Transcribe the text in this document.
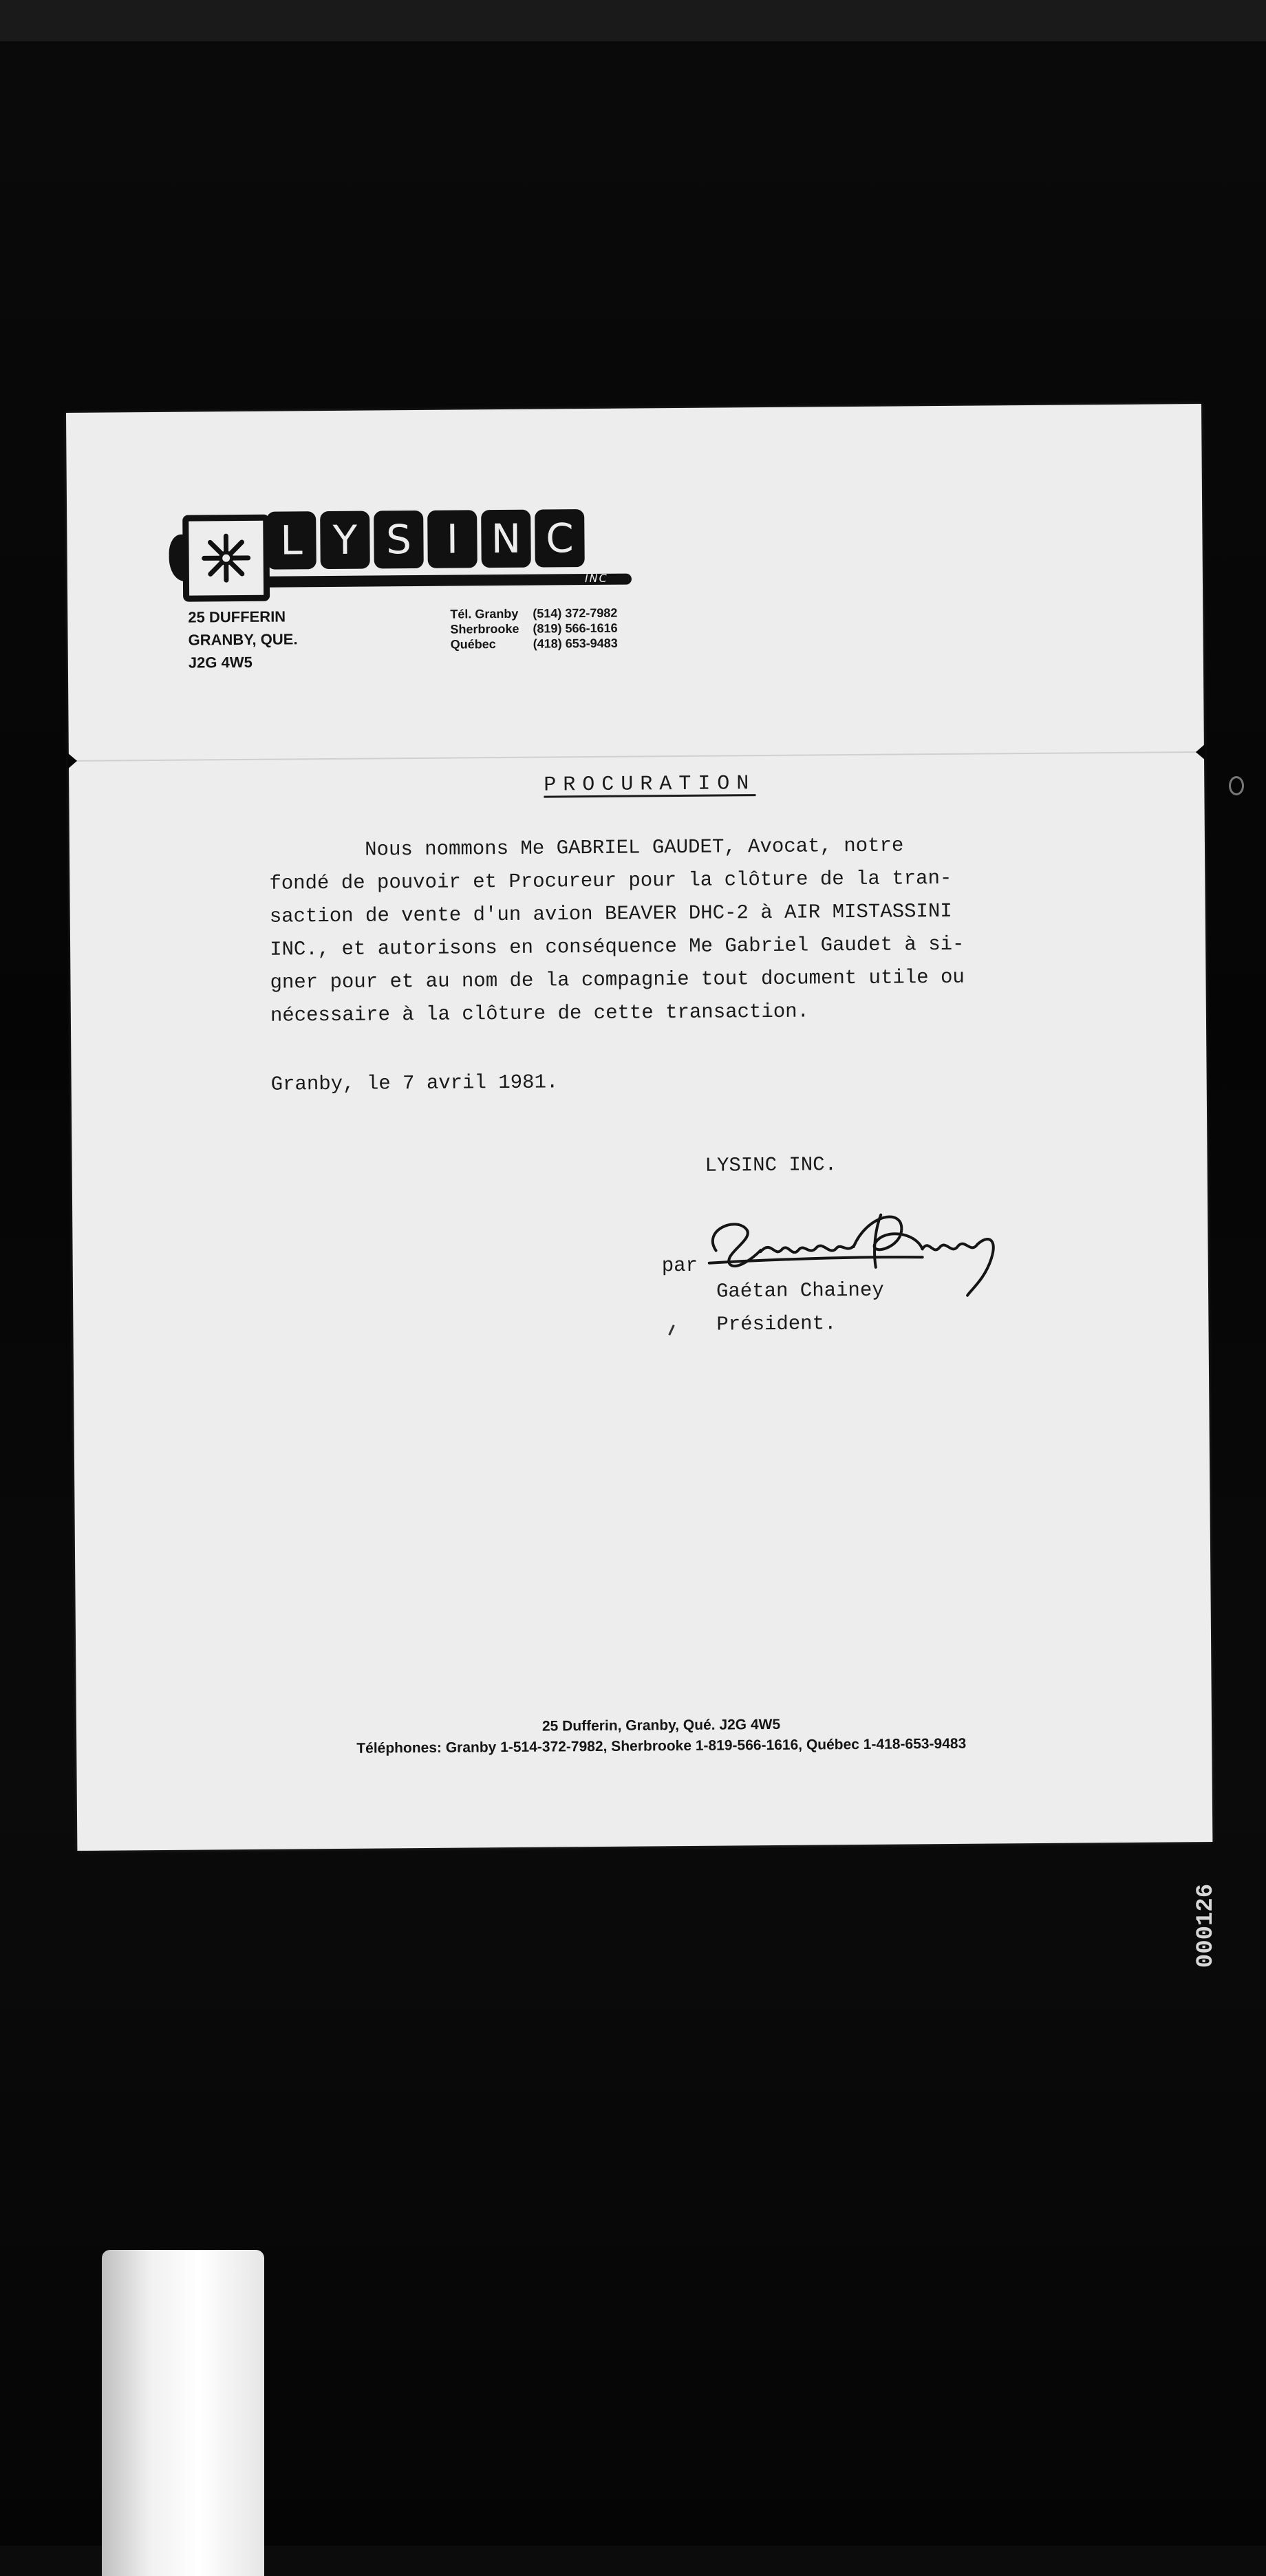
L Y S I N C
INC
25 DUFFERIN
GRANBY, QUE.
J2G 4W5
Tél. Granby	(514) 372-7982
Sherbrooke	(819) 566-1616
Québec	(418) 653-9483
PROCURATION
Nous nommons Me GABRIEL GAUDET, Avocat, notre
fondé de pouvoir et Procureur pour la clôture de la tran-
saction de vente d'un avion BEAVER DHC-2 à AIR MISTASSINI
INC., et autorisons en conséquence Me Gabriel Gaudet à si-
gner pour et au nom de la compagnie tout document utile ou
nécessaire à la clôture de cette transaction.
Granby, le 7 avril 1981.
LYSINC INC.
par
Gaétan Chainey
Président.
25 Dufferin, Granby, Qué. J2G 4W5
Téléphones: Granby 1-514-372-7982, Sherbrooke 1-819-566-1616, Québec 1-418-653-9483
000126
